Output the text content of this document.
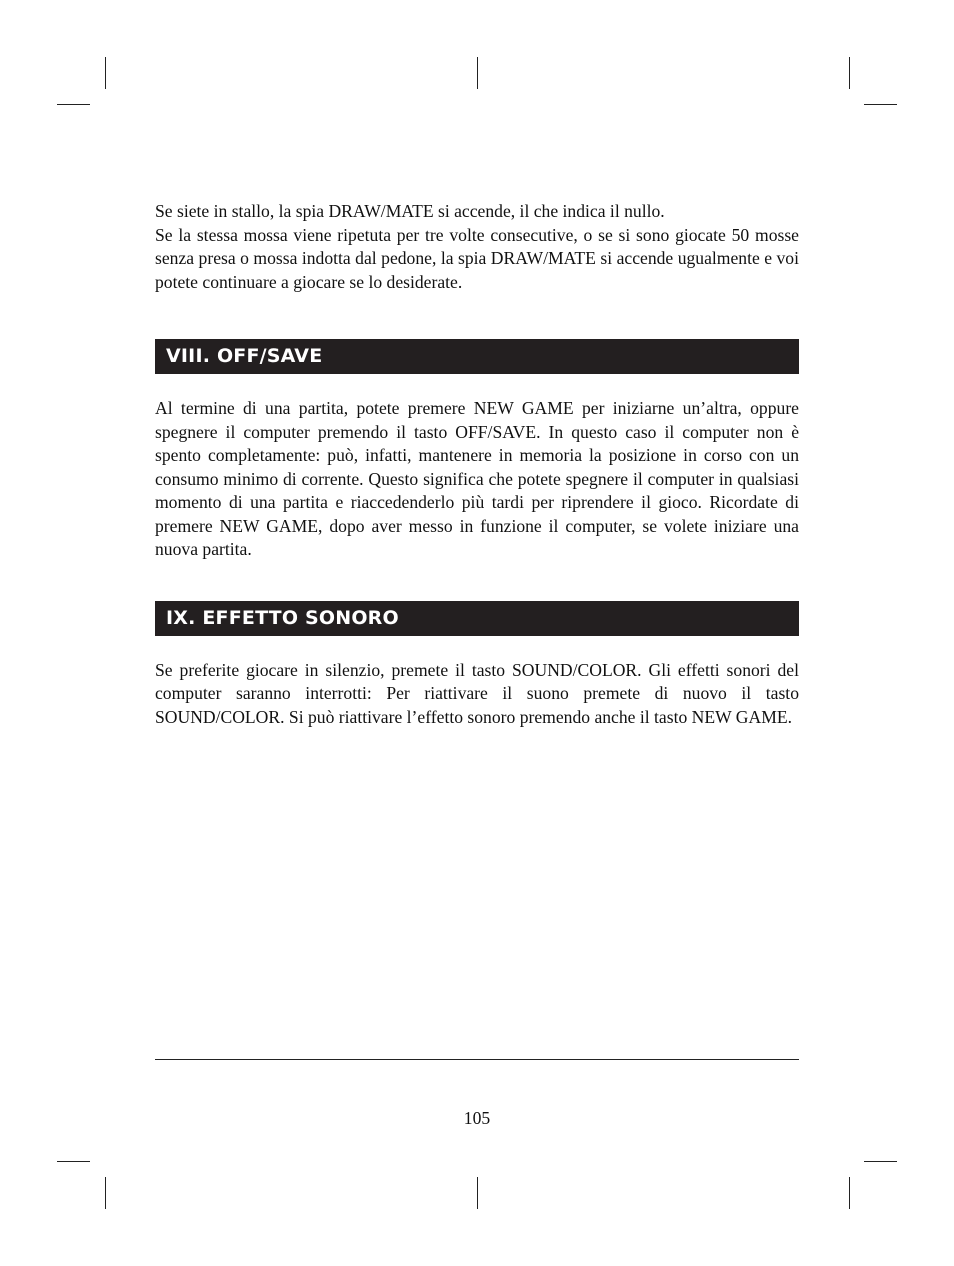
Se siete in stallo, la spia DRAW/MATE si accende, il che indica il nullo.

Se la stessa mossa viene ripetuta per tre volte consecutive, o se si sono giocate 50 mosse senza presa o mossa indotta dal pedone, la spia DRAW/MATE si accende ugualmente e voi potete continuare a giocare se lo desiderate.

VIII. OFF/SAVE

Al termine di una partita, potete premere NEW GAME per iniziarne un’altra, oppure spegnere il computer premendo il tasto OFF/SAVE. In questo caso il computer non è spento completamente: può, infatti, mantenere in memoria la posizione in corso con un consumo minimo di corrente. Questo significa che potete spegnere il computer in qualsiasi momento di una partita e riaccedenderlo più tardi per riprendere il gioco. Ricordate di premere NEW GAME, dopo aver messo in funzione il computer, se volete iniziare una nuova partita.

IX. EFFETTO SONORO

Se preferite giocare in silenzio, premete il tasto SOUND/COLOR. Gli effetti sonori del computer saranno interrotti: Per riattivare il suono premete di nuovo il tasto SOUND/COLOR. Si può riattivare l’effetto sonoro premendo anche il tasto NEW GAME.

105
